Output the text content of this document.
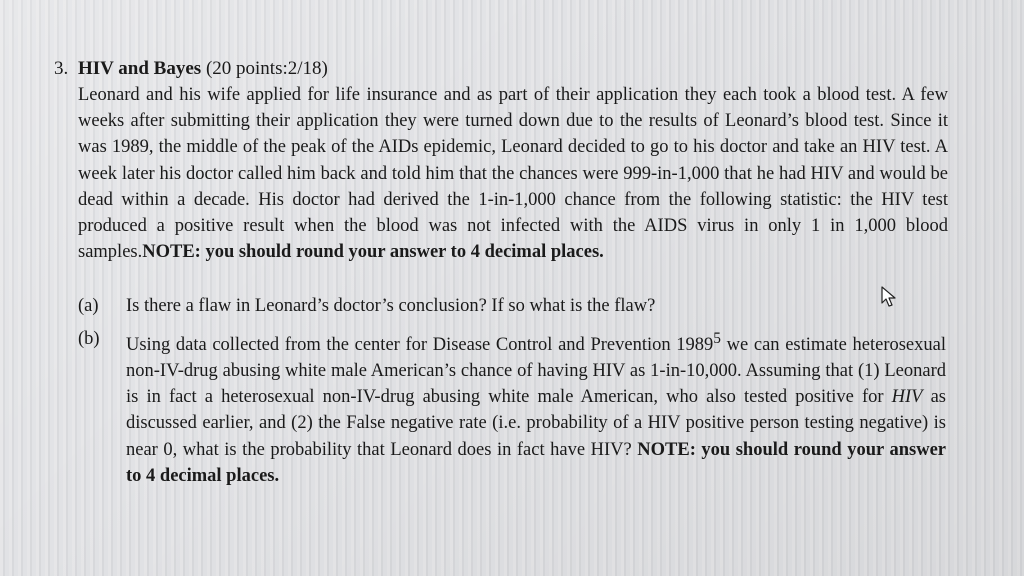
3. HIV and Bayes (20 points:2/18)

Leonard and his wife applied for life insurance and as part of their application they each took a blood test. A few weeks after submitting their application they were turned down due to the results of Leonard’s blood test. Since it was 1989, the middle of the peak of the AIDs epidemic, Leonard decided to go to his doctor and take an HIV test. A week later his doctor called him back and told him that the chances were 999-in-1,000 that he had HIV and would be dead within a decade. His doctor had derived the 1-in-1,000 chance from the following statistic: the HIV test produced a positive result when the blood was not infected with the AIDS virus in only 1 in 1,000 blood samples.NOTE: you should round your answer to 4 decimal places.

(a)	Is there a flaw in Leonard’s doctor’s conclusion? If so what is the flaw?
(b)	Using data collected from the center for Disease Control and Prevention 1989$^5$ we can estimate heterosexual non-IV-drug abusing white male American’s chance of having HIV as 1-in-10,000. Assuming that (1) Leonard is in fact a heterosexual non-IV-drug abusing white male American, who also tested positive for HIV as discussed earlier, and (2) the False negative rate (i.e. probability of a HIV positive person testing negative) is near 0, what is the probability that Leonard does in fact have HIV? NOTE: you should round your answer to 4 decimal places.
